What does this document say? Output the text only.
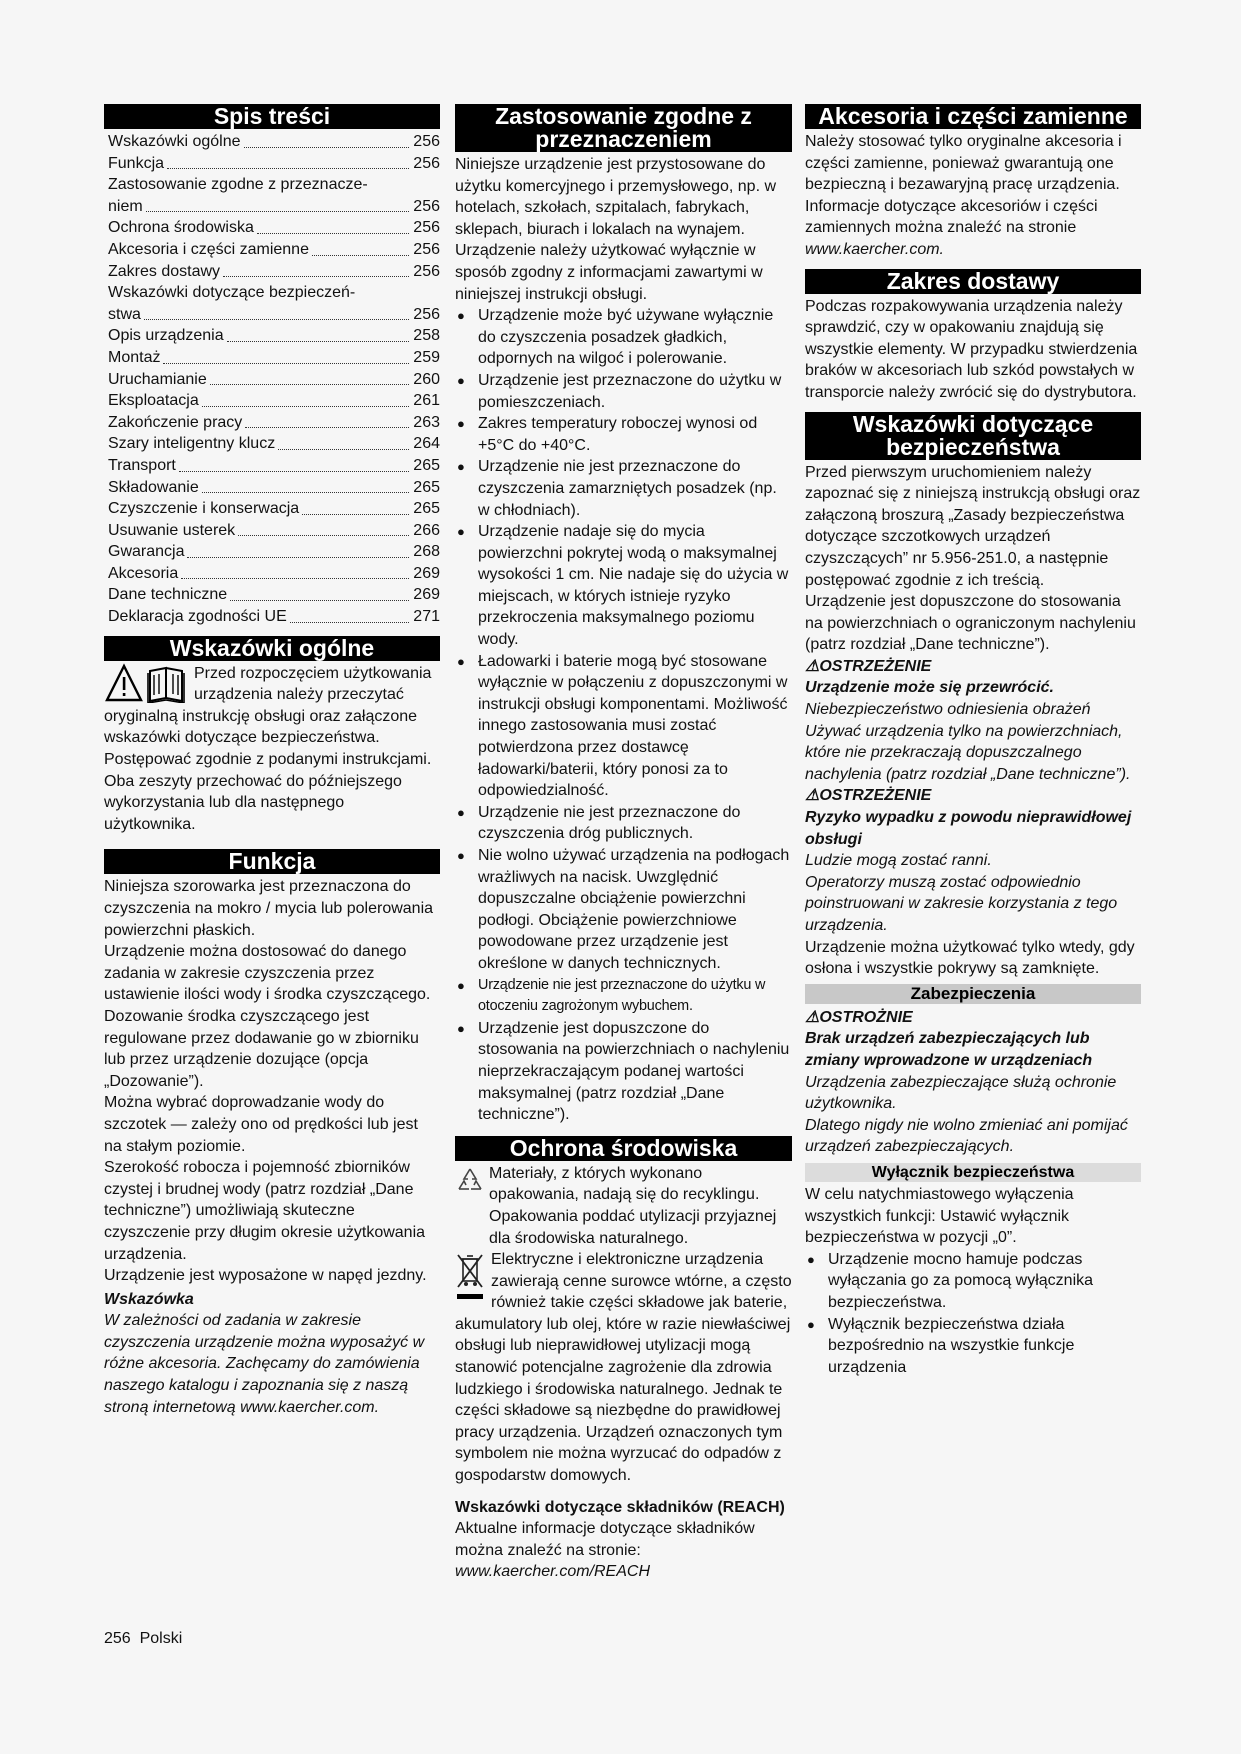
Spis treści
Wskazówki ogólne	256
Funkcja	256
Zastosowanie zgodne z przeznacze-
niem	256
Ochrona środowiska	256
Akcesoria i części zamienne	256
Zakres dostawy	256
Wskazówki dotyczące bezpieczeń-
stwa	256
Opis urządzenia	258
Montaż	259
Uruchamianie	260
Eksploatacja	261
Zakończenie pracy	263
Szary inteligentny klucz	264
Transport	265
Składowanie	265
Czyszczenie i konserwacja	265
Usuwanie usterek	266
Gwarancja	268
Akcesoria	269
Dane techniczne	269
Deklaracja zgodności UE	271
Wskazówki ogólne

Przed rozpoczęciem użytkowania urządzenia należy przeczytać oryginalną instrukcję obsługi oraz załączone wskazówki dotyczące bezpieczeństwa. Postępować zgodnie z podanymi instrukcjami.

Oba zeszyty przechować do późniejszego wykorzystania lub dla następnego użytkownika.

Funkcja

Niniejsza szorowarka jest przeznaczona do czyszczenia na mokro / mycia lub polerowania powierzchni płaskich.

Urządzenie można dostosować do danego zadania w zakresie czyszczenia przez ustawienie ilości wody i środka czyszczącego. Dozowanie środka czyszczącego jest regulowane przez dodawanie go w zbiorniku lub przez urządzenie dozujące (opcja „Dozowanie”).

Można wybrać doprowadzanie wody do szczotek — zależy ono od prędkości lub jest na stałym poziomie.

Szerokość robocza i pojemność zbiorników czystej i brudnej wody (patrz rozdział „Dane techniczne”) umożliwiają skuteczne czyszczenie przy długim okresie użytkowania urządzenia.

Urządzenie jest wyposażone w napęd jezdny.

Wskazówka

W zależności od zadania w zakresie czyszczenia urządzenie można wyposażyć w różne akcesoria. Zachęcamy do zamówienia naszego katalogu i zapoznania się z naszą stroną internetową www.kaercher.com.

Zastosowanie zgodne z przeznaczeniem

Niniejsze urządzenie jest przystosowane do użytku komercyjnego i przemysłowego, np. w hotelach, szkołach, szpitalach, fabrykach, sklepach, biurach i lokalach na wynajem. Urządzenie należy użytkować wyłącznie w sposób zgodny z informacjami zawartymi w niniejszej instrukcji obsługi.

● Urządzenie może być używane wyłącznie do czyszczenia posadzek gładkich, odpornych na wilgoć i polerowanie.
● Urządzenie jest przeznaczone do użytku w pomieszczeniach.
● Zakres temperatury roboczej wynosi od +5°C do +40°C.
● Urządzenie nie jest przeznaczone do czyszczenia zamarzniętych posadzek (np. w chłodniach).
● Urządzenie nadaje się do mycia powierzchni pokrytej wodą o maksymalnej wysokości 1 cm. Nie nadaje się do użycia w miejscach, w których istnieje ryzyko przekroczenia maksymalnego poziomu wody.
● Ładowarki i baterie mogą być stosowane wyłącznie w połączeniu z dopuszczonymi w instrukcji obsługi komponentami. Możliwość innego zastosowania musi zostać potwierdzona przez dostawcę ładowarki/baterii, który ponosi za to odpowiedzialność.
● Urządzenie nie jest przeznaczone do czyszczenia dróg publicznych.
● Nie wolno używać urządzenia na podłogach wrażliwych na nacisk. Uwzględnić dopuszczalne obciążenie powierzchni podłogi. Obciążenie powierzchniowe powodowane przez urządzenie jest określone w danych technicznych.
● Urządzenie nie jest przeznaczone do użytku w otoczeniu zagrożonym wybuchem.
● Urządzenie jest dopuszczone do stosowania na powierzchniach o nachyleniu nieprzekraczającym podanej wartości maksymalnej (patrz rozdział „Dane techniczne”).
Ochrona środowiska

Materiały, z których wykonano opakowania, nadają się do recyklingu. Opakowania poddać utylizacji przyjaznej dla środowiska naturalnego.

Elektryczne i elektroniczne urządzenia zawierają cenne surowce wtórne, a często również takie części składowe jak baterie, akumulatory lub olej, które w razie niewłaściwej obsługi lub nieprawidłowej utylizacji mogą stanowić potencjalne zagrożenie dla zdrowia ludzkiego i środowiska naturalnego. Jednak te części składowe są niezbędne do prawidłowej pracy urządzenia. Urządzeń oznaczonych tym symbolem nie można wyrzucać do odpadów z gospodarstw domowych.

Wskazówki dotyczące składników (REACH)

Aktualne informacje dotyczące składników można znaleźć na stronie: www.kaercher.com/REACH

Akcesoria i części zamienne

Należy stosować tylko oryginalne akcesoria i części zamienne, ponieważ gwarantują one bezpieczną i bezawaryjną pracę urządzenia.

Informacje dotyczące akcesoriów i części zamiennych można znaleźć na stronie www.kaercher.com.

Zakres dostawy

Podczas rozpakowywania urządzenia należy sprawdzić, czy w opakowaniu znajdują się wszystkie elementy. W przypadku stwierdzenia braków w akcesoriach lub szkód powstałych w transporcie należy zwrócić się do dystrybutora.

Wskazówki dotyczące bezpieczeństwa

Przed pierwszym uruchomieniem należy zapoznać się z niniejszą instrukcją obsługi oraz załączoną broszurą „Zasady bezpieczeństwa dotyczące szczotkowych urządzeń czyszczących” nr 5.956-251.0, a następnie postępować zgodnie z ich treścią.

Urządzenie jest dopuszczone do stosowania na powierzchniach o ograniczonym nachyleniu (patrz rozdział „Dane techniczne”).

⚠OSTRZEŻENIE

Urządzenie może się przewrócić.

Niebezpieczeństwo odniesienia obrażeń

Używać urządzenia tylko na powierzchniach, które nie przekraczają dopuszczalnego nachylenia (patrz rozdział „Dane techniczne”).

⚠OSTRZEŻENIE

Ryzyko wypadku z powodu nieprawidłowej obsługi

Ludzie mogą zostać ranni.

Operatorzy muszą zostać odpowiednio poinstruowani w zakresie korzystania z tego urządzenia.

Urządzenie można użytkować tylko wtedy, gdy osłona i wszystkie pokrywy są zamknięte.

Zabezpieczenia

⚠OSTROŻNIE

Brak urządzeń zabezpieczających lub zmiany wprowadzone w urządzeniach

Urządzenia zabezpieczające służą ochronie użytkownika.

Dlatego nigdy nie wolno zmieniać ani pomijać urządzeń zabezpieczających.

Wyłącznik bezpieczeństwa

W celu natychmiastowego wyłączenia wszystkich funkcji: Ustawić wyłącznik bezpieczeństwa w pozycji „0”.

● Urządzenie mocno hamuje podczas wyłączania go za pomocą wyłącznika bezpieczeństwa.
● Wyłącznik bezpieczeństwa działa bezpośrednio na wszystkie funkcje urządzenia
256 Polski
